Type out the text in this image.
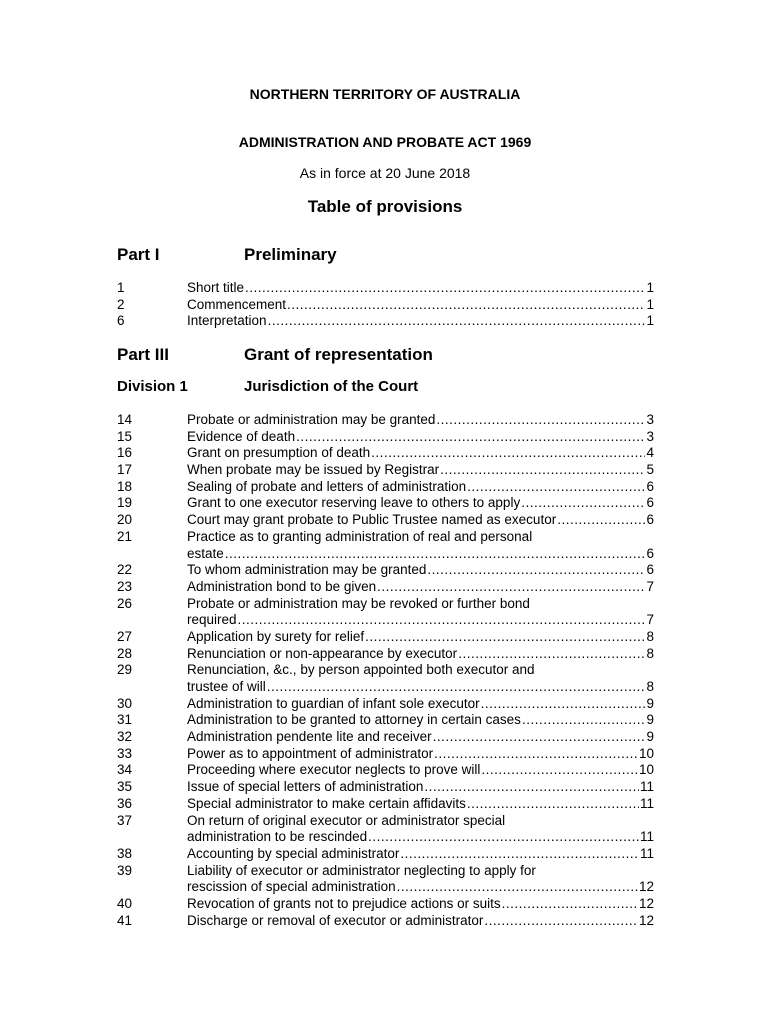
NORTHERN TERRITORY OF AUSTRALIA
ADMINISTRATION AND PROBATE ACT 1969
As in force at 20 June 2018
Table of provisions
Part I	Preliminary
1	Short title .....	1
2	Commencement .....	1
6	Interpretation .....	1
Part III	Grant of representation
Division 1	Jurisdiction of the Court
14	Probate or administration may be granted .....	3
15	Evidence of death .....	3
16	Grant on presumption of death .....	4
17	When probate may be issued by Registrar .....	5
18	Sealing of probate and letters of administration .....	6
19	Grant to one executor reserving leave to others to apply .....	6
20	Court may grant probate to Public Trustee named as executor .....	6
21	Practice as to granting administration of real and personal
estate .....	6
22	To whom administration may be granted .....	6
23	Administration bond to be given .....	7
26	Probate or administration may be revoked or further bond
required .....	7
27	Application by surety for relief .....	8
28	Renunciation or non-appearance by executor .....	8
29	Renunciation, &c., by person appointed both executor and
trustee of will .....	8
30	Administration to guardian of infant sole executor .....	9
31	Administration to be granted to attorney in certain cases .....	9
32	Administration pendente lite and receiver .....	9
33	Power as to appointment of administrator .....	10
34	Proceeding where executor neglects to prove will .....	10
35	Issue of special letters of administration .....	11
36	Special administrator to make certain affidavits .....	11
37	On return of original executor or administrator special
administration to be rescinded .....	11
38	Accounting by special administrator .....	11
39	Liability of executor or administrator neglecting to apply for
rescission of special administration .....	12
40	Revocation of grants not to prejudice actions or suits .....	12
41	Discharge or removal of executor or administrator .....	12
